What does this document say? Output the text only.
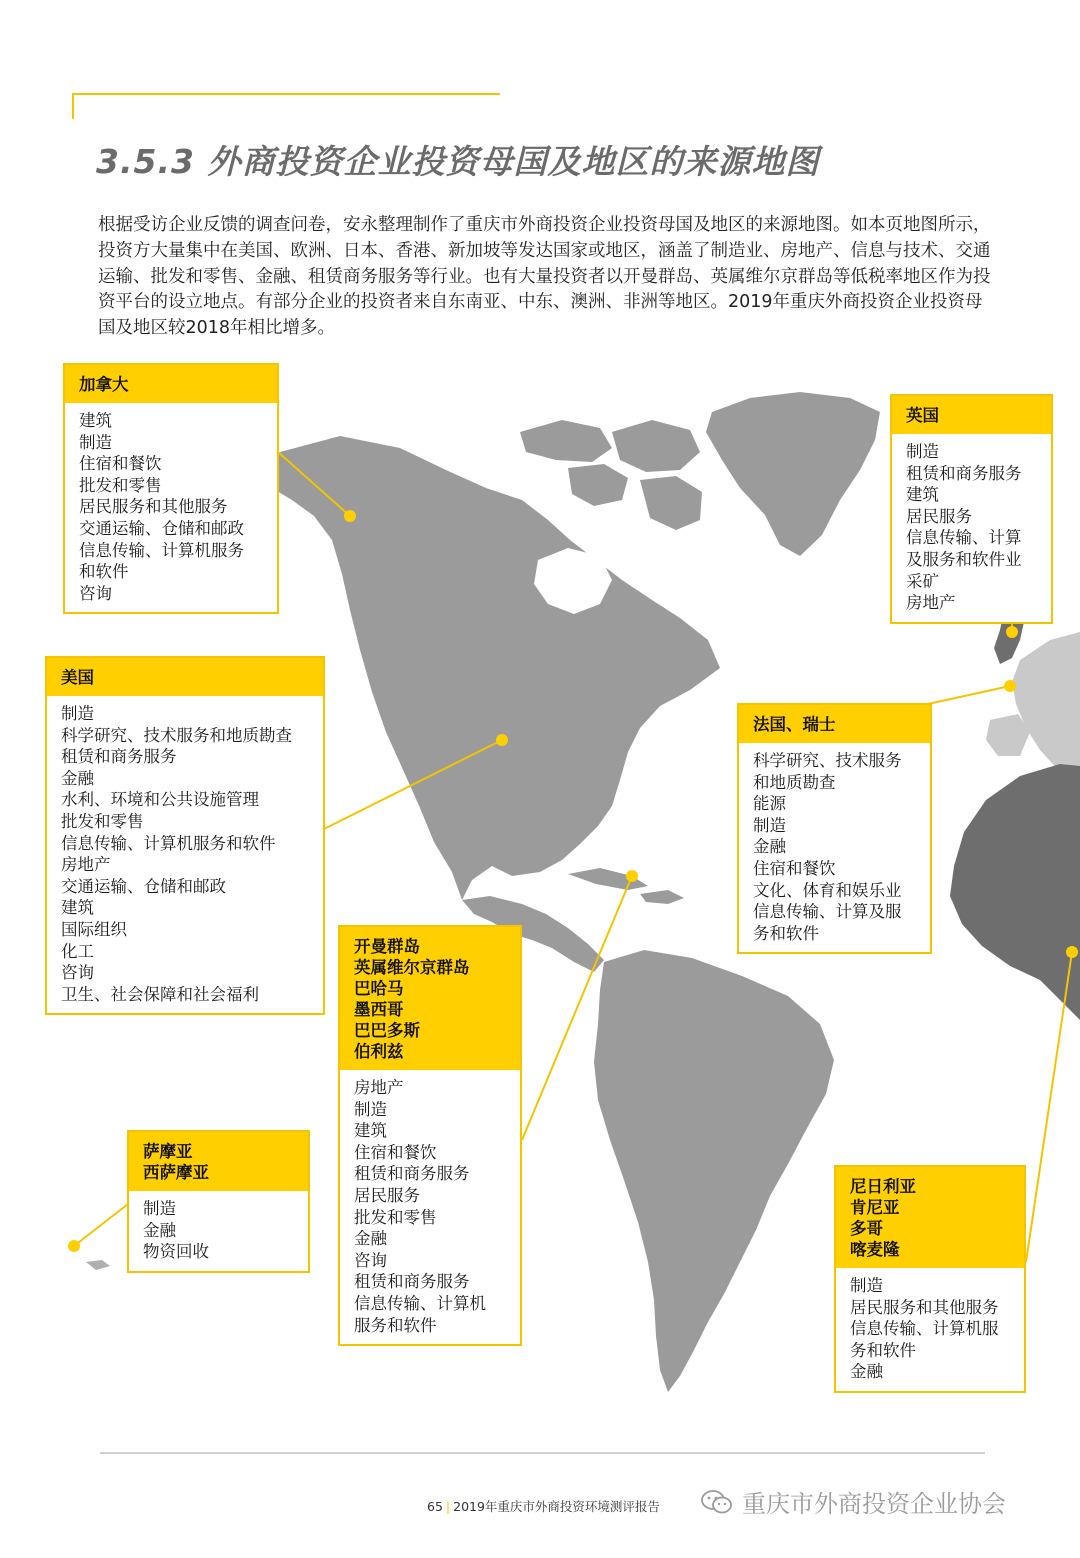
3.5.3 外商投资企业投资母国及地区的来源地图

根据受访企业反馈的调查问卷，安永整理制作了重庆市外商投资企业投资母国及地区的来源地图。如本页地图所示，投资方大量集中在美国、欧洲、日本、香港、新加坡等发达国家或地区，涵盖了制造业、房地产、信息与技术、交通运输、批发和零售、金融、租赁商务服务等行业。也有大量投资者以开曼群岛、英属维尔京群岛等低税率地区作为投资平台的设立地点。有部分企业的投资者来自东南亚、中东、澳洲、非洲等地区。2019年重庆外商投资企业投资母国及地区较2018年相比增多。

加拿大
建筑
制造
住宿和餐饮
批发和零售
居民服务和其他服务
交通运输、仓储和邮政
信息传输、计算机服务
和软件
咨询
英国
制造
租赁和商务服务
建筑
居民服务
信息传输、计算
及服务和软件业
采矿
房地产
美国
制造
科学研究、技术服务和地质勘查
租赁和商务服务
金融
水利、环境和公共设施管理
批发和零售
信息传输、计算机服务和软件
房地产
交通运输、仓储和邮政
建筑
国际组织
化工
咨询
卫生、社会保障和社会福利
法国、瑞士
科学研究、技术服务
和地质勘查
能源
制造
金融
住宿和餐饮
文化、体育和娱乐业
信息传输、计算及服
务和软件
开曼群岛
英属维尔京群岛
巴哈马
墨西哥
巴巴多斯
伯利兹
房地产
制造
建筑
住宿和餐饮
租赁和商务服务
居民服务
批发和零售
金融
咨询
租赁和商务服务
信息传输、计算机
服务和软件
萨摩亚
西萨摩亚
制造
金融
物资回收
尼日利亚
肯尼亚
多哥
喀麦隆
制造
居民服务和其他服务
信息传输、计算机服
务和软件
金融
65 | 2019年重庆市外商投资环境测评报告	重庆市外商投资企业协会
